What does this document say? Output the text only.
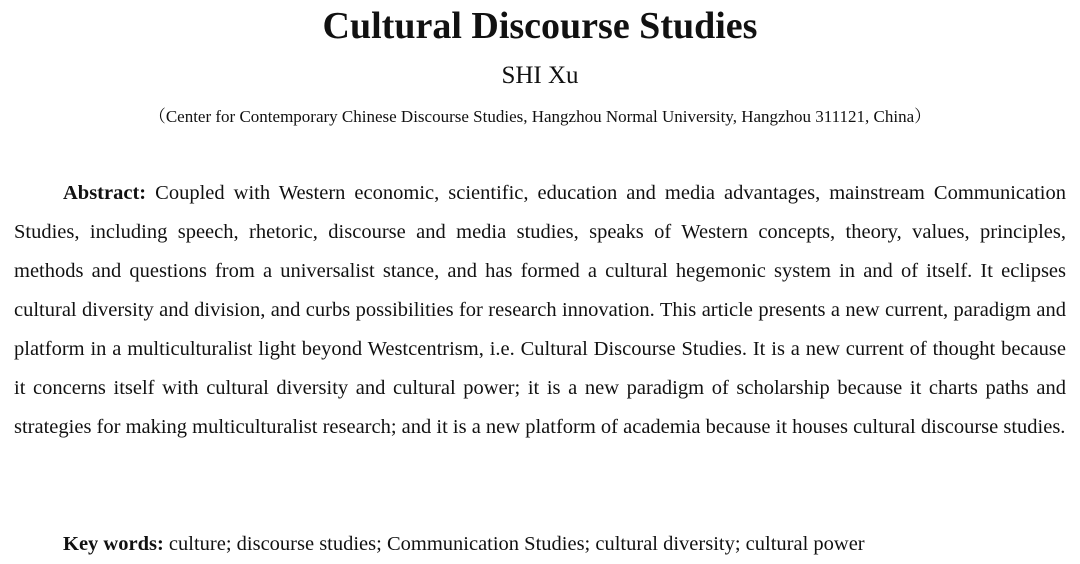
Cultural Discourse Studies
SHI Xu
（Center for Contemporary Chinese Discourse Studies, Hangzhou Normal University, Hangzhou 311121, China）

Abstract: Coupled with Western economic, scientific, education and media advantages, mainstream Communication Studies, including speech, rhetoric, discourse and media studies, speaks of Western concepts, theory, values, principles, methods and questions from a universalist stance, and has formed a cultural hegemonic system in and of itself. It eclipses cultural diversity and division, and curbs possibilities for research innovation. This article presents a new current, paradigm and platform in a multiculturalist light beyond Westcentrism, i.e. Cultural Discourse Studies. It is a new current of thought because it concerns itself with cultural diversity and cultural power; it is a new paradigm of scholarship because it charts paths and strategies for making multiculturalist research; and it is a new platform of academia because it houses cultural discourse studies.

Key words: culture; discourse studies; Communication Studies; cultural diversity; cultural power
